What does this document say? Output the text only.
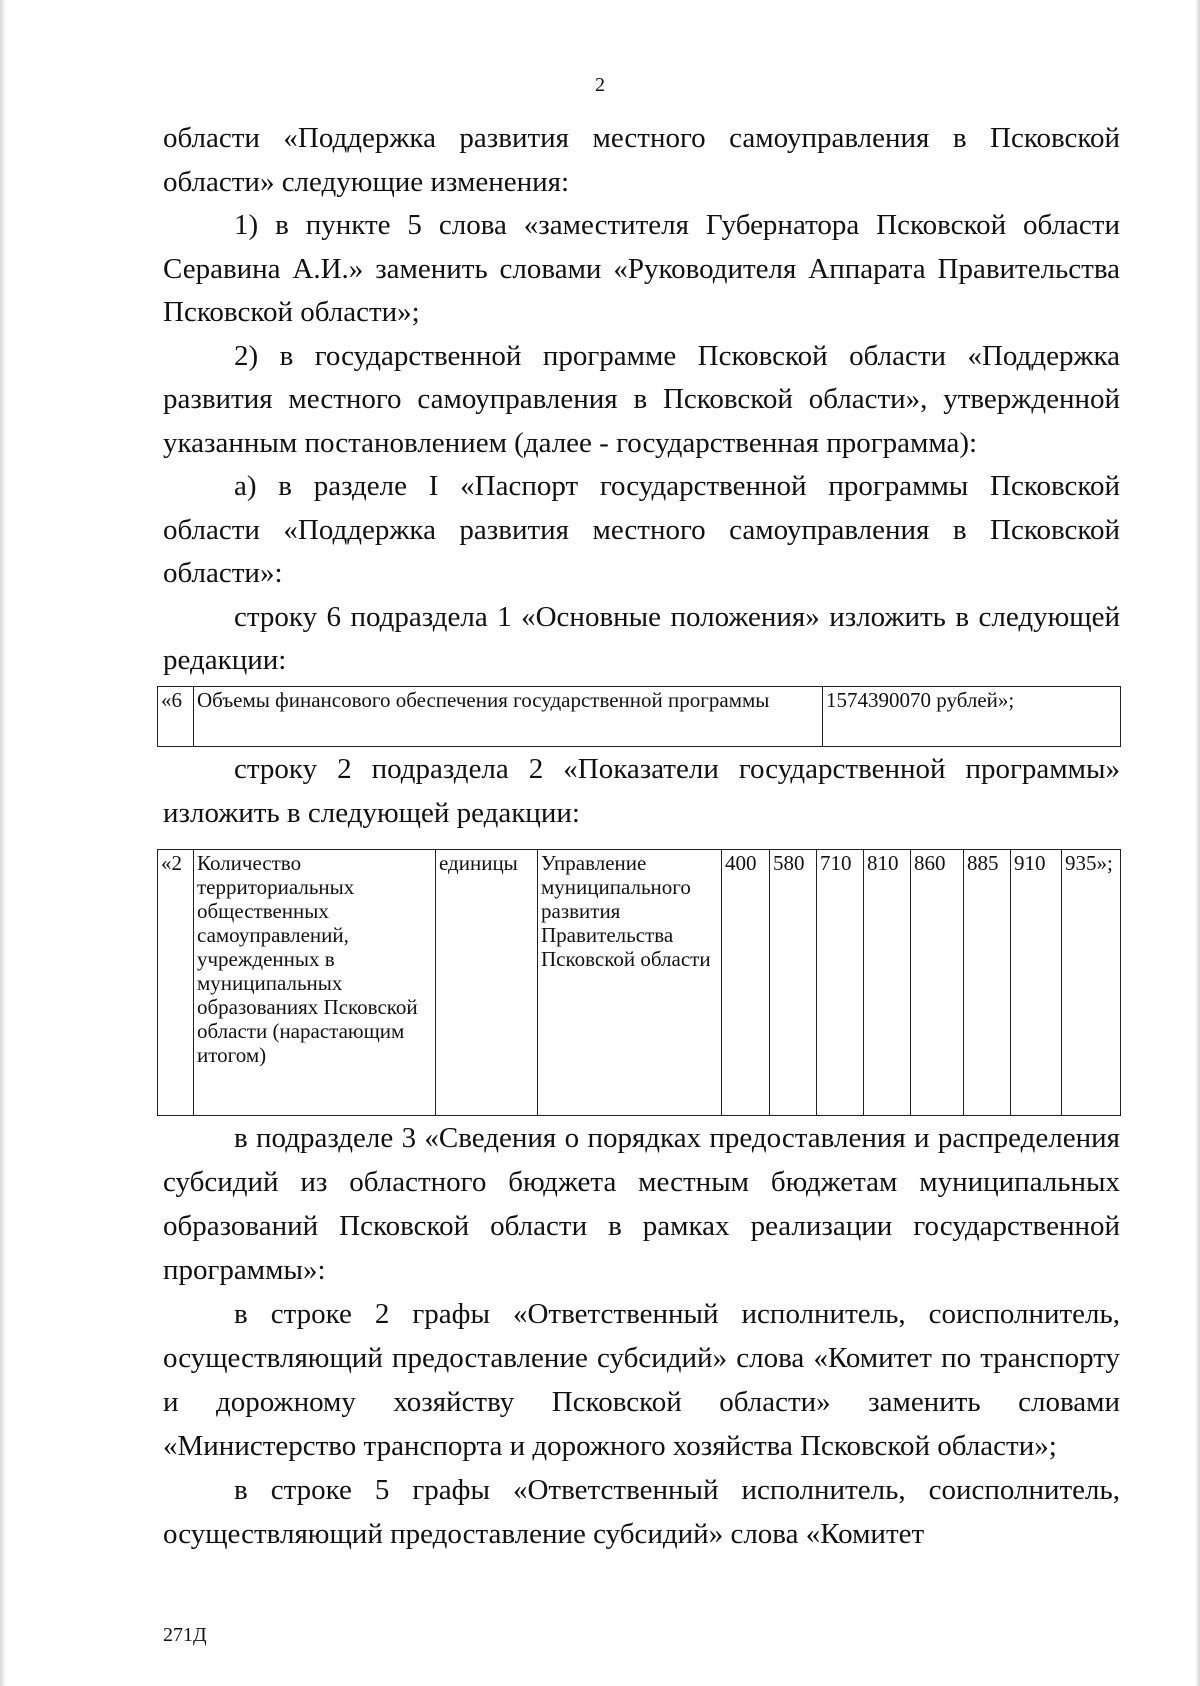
2

области «Поддержка развития местного самоуправления в Псковской области» следующие изменения:

1) в пункте 5 слова «заместителя Губернатора Псковской области Серавина А.И.» заменить словами «Руководителя Аппарата Правительства Псковской области»;

2) в государственной программе Псковской области «Поддержка развития местного самоуправления в Псковской области», утвержденной указанным постановлением (далее - государственная программа):

а) в разделе I «Паспорт государственной программы Псковской области «Поддержка развития местного самоуправления в Псковской области»:

строку 6 подраздела 1 «Основные положения» изложить в следующей редакции:

«6	Объемы финансового обеспечения государственной программы	1574390070 рублей»;

строку 2 подраздела 2 «Показатели государственной программы» изложить в следующей редакции:

«2	Количество территориальных общественных самоуправлений, учрежденных в муниципальных образованиях Псковской области (нарастающим итогом)	единицы	Управление муниципального развития Правительства Псковской области	400	580	710	810	860	885	910	935»;

в подразделе 3 «Сведения о порядках предоставления и распределения субсидий из областного бюджета местным бюджетам муниципальных образований Псковской области в рамках реализации государственной программы»:

в строке 2 графы «Ответственный исполнитель, соисполнитель, осуществляющий предоставление субсидий» слова «Комитет по транспорту и дорожному хозяйству Псковской области» заменить словами «Министерство транспорта и дорожного хозяйства Псковской области»;

в строке 5 графы «Ответственный исполнитель, соисполнитель, осуществляющий предоставление субсидий» слова «Комитет

271Д
